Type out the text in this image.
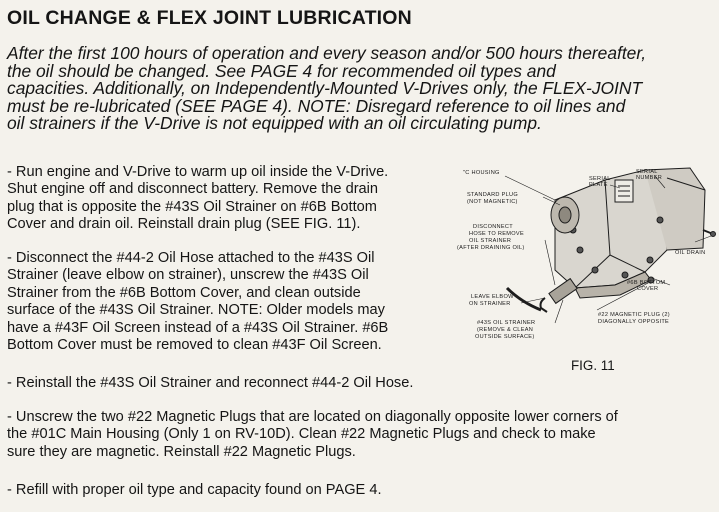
OIL CHANGE & FLEX JOINT LUBRICATION
After the first 100 hours of operation and every season and/or 500 hours thereafter,
the oil should be changed. See PAGE 4 for recommended oil types and
capacities. Additionally, on Independently-Mounted V-Drives only, the FLEX-JOINT
must be re-lubricated (SEE PAGE 4). NOTE: Disregard reference to oil lines and
oil strainers if the V-Drive is not equipped with an oil circulating pump.
- Run engine and V-Drive to warm up oil inside the V-Drive.
Shut engine off and disconnect battery. Remove the drain
plug that is opposite the #43S Oil Strainer on #6B Bottom
Cover and drain oil. Reinstall drain plug (SEE FIG. 11).
- Disconnect the #44-2 Oil Hose attached to the #43S Oil
Strainer (leave elbow on strainer), unscrew the #43S Oil
Strainer from the #6B Bottom Cover, and clean outside
surface of the #43S Oil Strainer. NOTE: Older models may
have a #43F Oil Screen instead of a #43S Oil Strainer. #6B
Bottom Cover must be removed to clean #43F Oil Screen.
- Reinstall the #43S Oil Strainer and reconnect #44-2 Oil Hose.
- Unscrew the two #22 Magnetic Plugs that are located on diagonally opposite lower corners of
the #01C Main Housing (Only 1 on RV-10D). Clean #22 Magnetic Plugs and check to make
sure they are magnetic. Reinstall #22 Magnetic Plugs.
- Refill with proper oil type and capacity found on PAGE 4.
"C HOUSING
STANDARD PLUG
(NOT MAGNETIC)
SERIAL
PLATE
SERIAL
NUMBER
DISCONNECT
HOSE TO REMOVE
OIL STRAINER
(AFTER DRAINING OIL)
OIL DRAIN
#6B BOTTOM
COVER
LEAVE ELBOW
ON STRAINER
#22 MAGNETIC PLUG (2)
DIAGONALLY OPPOSITE
#43S OIL STRAINER
(REMOVE & CLEAN
OUTSIDE SURFACE)
FIG. 11
